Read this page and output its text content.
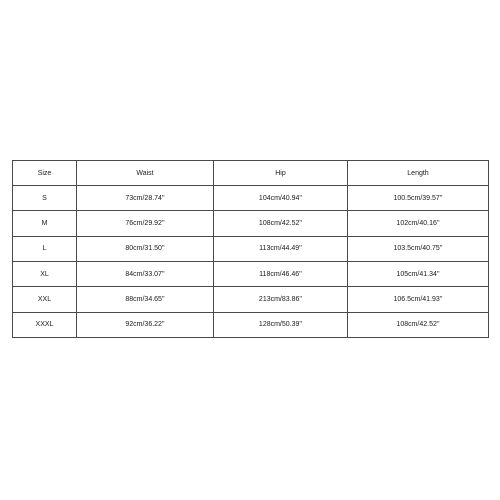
Size	Waist	Hip	Length
S	73cm/28.74''	104cm/40.94''	100.5cm/39.57''
M	76cm/29.92''	108cm/42.52''	102cm/40.16''
L	80cm/31.50''	113cm/44.49''	103.5cm/40.75''
XL	84cm/33.07''	118cm/46.46''	105cm/41.34''
XXL	88cm/34.65''	213cm/83.86''	106.5cm/41.93''
XXXL	92cm/36.22''	128cm/50.39''	108cm/42.52''
